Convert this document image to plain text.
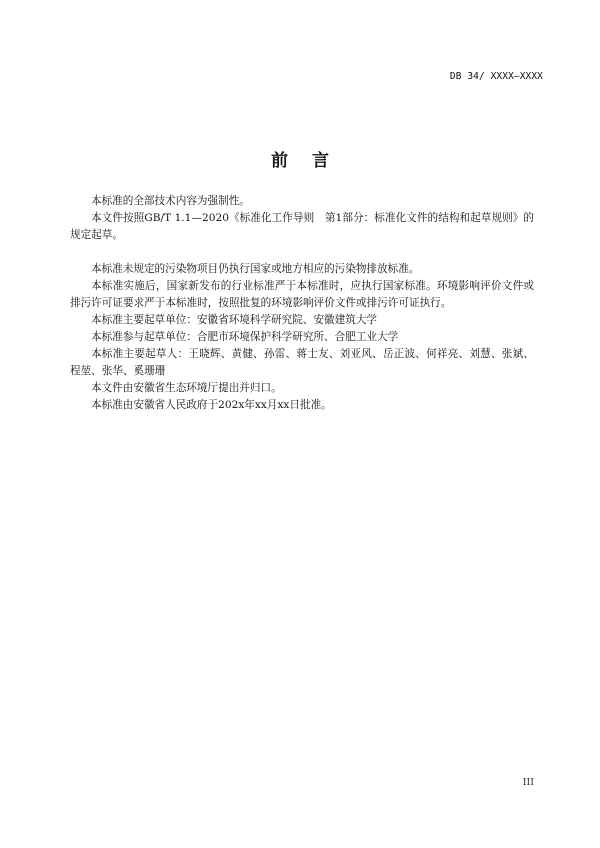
DB 34/ XXXX—XXXX
前 言

本标准的全部技术内容为强制性。

本文件按照GB/T 1.1—2020《标准化工作导则　第1部分：标准化文件的结构和起草规则》的规定起草。

本标准未规定的污染物项目仍执行国家或地方相应的污染物排放标准。

本标准实施后，国家新发布的行业标准严于本标准时，应执行国家标准。环境影响评价文件或排污许可证要求严于本标准时，按照批复的环境影响评价文件或排污许可证执行。

本标准主要起草单位：安徽省环境科学研究院、安徽建筑大学

本标准参与起草单位：合肥市环境保护科学研究所、合肥工业大学

本标准主要起草人：王晓辉、黄健、孙雷、蒋士友、刘亚风、岳正波、何祥亮、刘慧、张斌、程堃、张华、奚珊珊

本文件由安徽省生态环境厅提出并归口。

本标准由安徽省人民政府于202x年xx月xx日批准。

III
